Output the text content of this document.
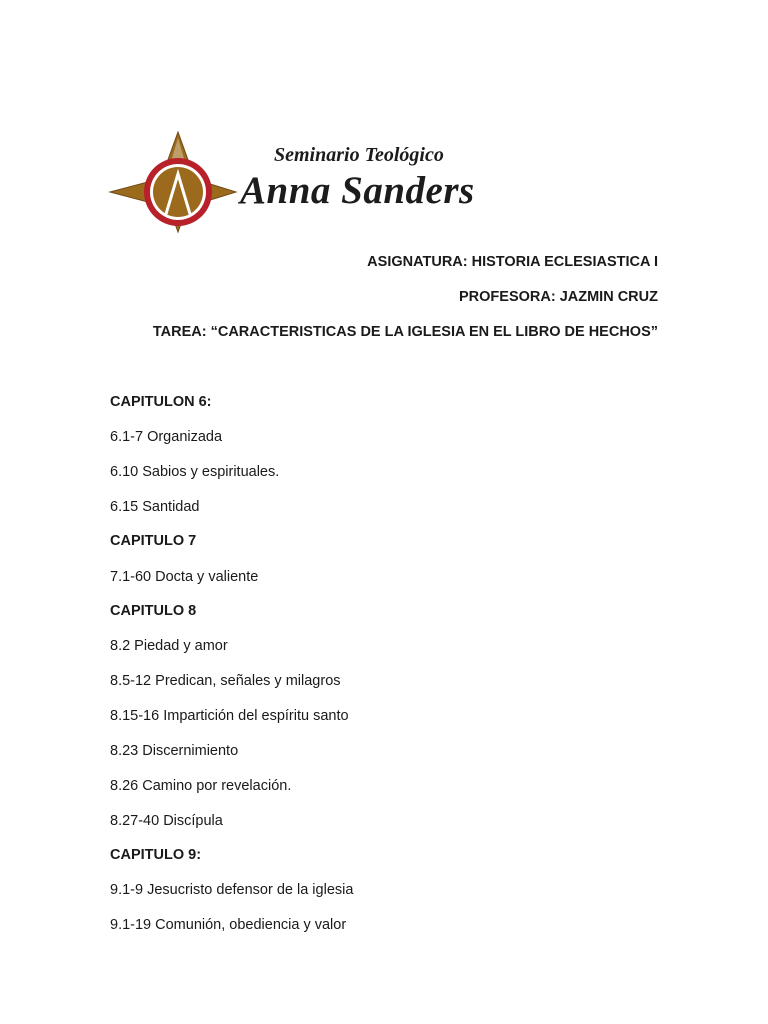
Seminario Teológico
Anna Sanders
ASIGNATURA: HISTORIA ECLESIASTICA I
PROFESORA: JAZMIN CRUZ
TAREA: “CARACTERISTICAS DE LA IGLESIA EN EL LIBRO DE HECHOS”
CAPITULON 6:
6.1-7 Organizada
6.10 Sabios y espirituales.
6.15 Santidad
CAPITULO 7
7.1-60 Docta y valiente
CAPITULO 8
8.2 Piedad y amor
8.5-12 Predican, señales y milagros
8.15-16 Impartición del espíritu santo
8.23 Discernimiento
8.26 Camino por revelación.
8.27-40 Discípula
CAPITULO 9:
9.1-9 Jesucristo defensor de la iglesia
9.1-19 Comunión, obediencia y valor
